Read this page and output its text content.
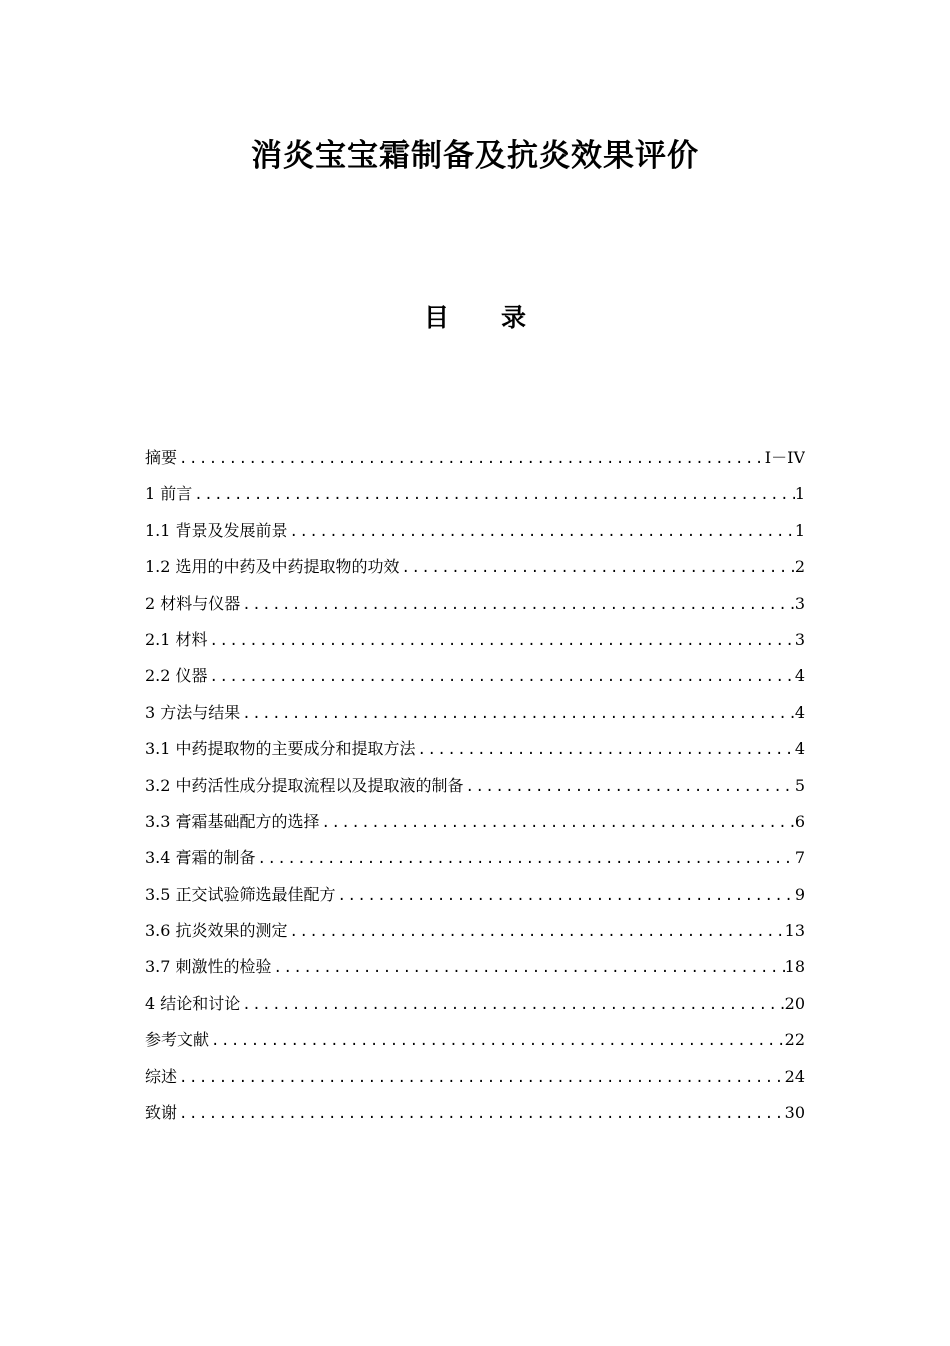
消炎宝宝霜制备及抗炎效果评价
目 录
摘要 .....	I－IV
1 前言 .....	1
1.1 背景及发展前景 .....	1
1.2 选用的中药及中药提取物的功效 .....	2
2 材料与仪器 .....	3
2.1 材料 .....	3
2.2 仪器 .....	4
3 方法与结果 .....	4
3.1 中药提取物的主要成分和提取方法 .....	4
3.2 中药活性成分提取流程以及提取液的制备 .....	5
3.3 膏霜基础配方的选择 .....	6
3.4 膏霜的制备 .....	7
3.5 正交试验筛选最佳配方 .....	9
3.6 抗炎效果的测定 .....	13
3.7 刺激性的检验 .....	18
4 结论和讨论 .....	20
参考文献 .....	22
综述 .....	24
致谢 .....	30
